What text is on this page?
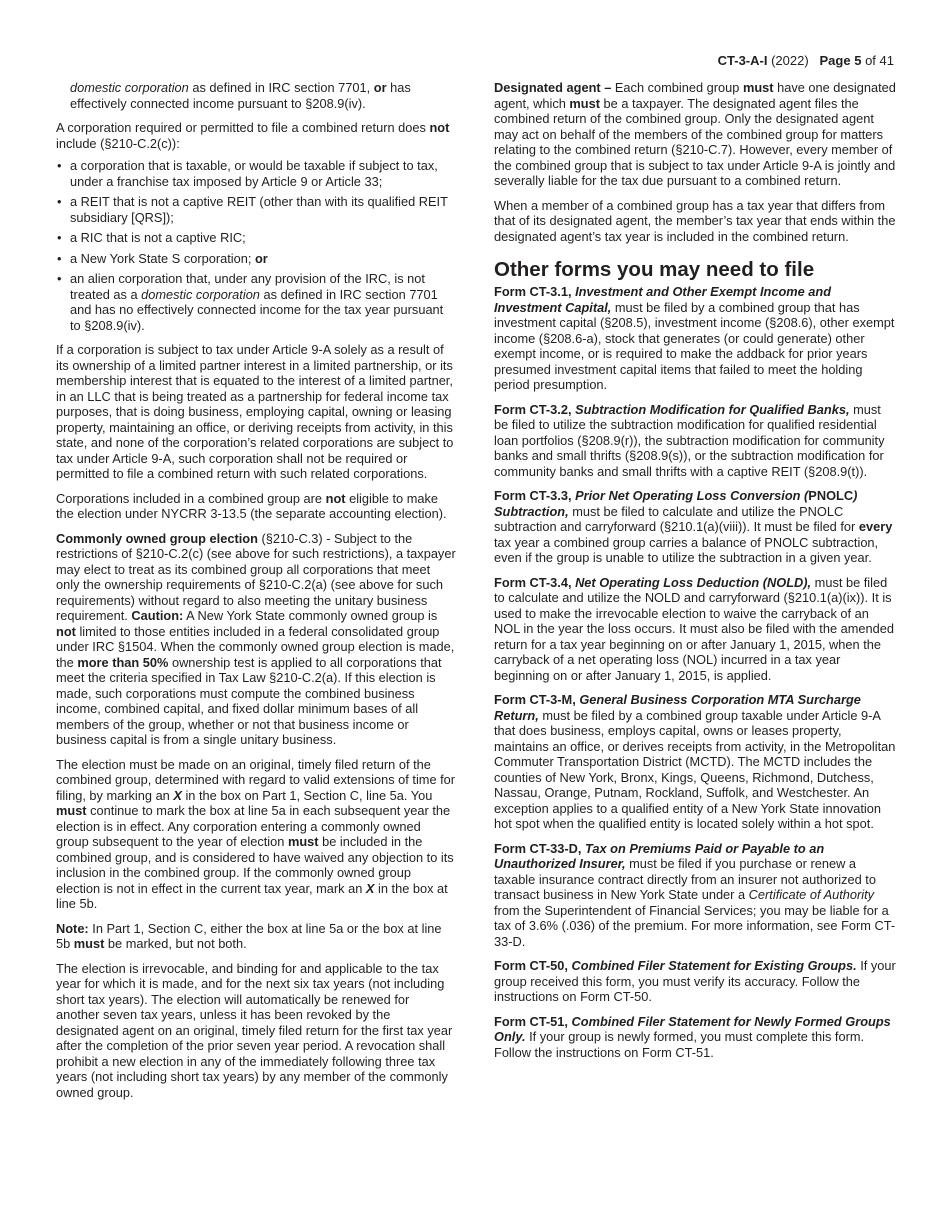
CT-3-A-I (2022) Page 5 of 41

domestic corporation as defined in IRC section 7701, or has effectively connected income pursuant to §208.9(iv).

A corporation required or permitted to file a combined return does not include (§210-C.2(c)):

• a corporation that is taxable, or would be taxable if subject to tax, under a franchise tax imposed by Article 9 or Article 33;
• a REIT that is not a captive REIT (other than with its qualified REIT subsidiary [QRS]);
• a RIC that is not a captive RIC;
• a New York State S corporation; or
• an alien corporation that, under any provision of the IRC, is not treated as a domestic corporation as defined in IRC section 7701 and has no effectively connected income for the tax year pursuant to §208.9(iv).

If a corporation is subject to tax under Article 9-A solely as a result of its ownership of a limited partner interest in a limited partnership, or its membership interest that is equated to the interest of a limited partner, in an LLC that is being treated as a partnership for federal income tax purposes, that is doing business, employing capital, owning or leasing property, maintaining an office, or deriving receipts from activity, in this state, and none of the corporation’s related corporations are subject to tax under Article 9-A, such corporation shall not be required or permitted to file a combined return with such related corporations.

Corporations included in a combined group are not eligible to make the election under NYCRR 3-13.5 (the separate accounting election).

Commonly owned group election (§210-C.3) - Subject to the restrictions of §210-C.2(c) (see above for such restrictions), a taxpayer may elect to treat as its combined group all corporations that meet only the ownership requirements of §210-C.2(a) (see above for such requirements) without regard to also meeting the unitary business requirement. Caution: A New York State commonly owned group is not limited to those entities included in a federal consolidated group under IRC §1504. When the commonly owned group election is made, the more than 50% ownership test is applied to all corporations that meet the criteria specified in Tax Law §210-C.2(a). If this election is made, such corporations must compute the combined business income, combined capital, and fixed dollar minimum bases of all members of the group, whether or not that business income or business capital is from a single unitary business.

The election must be made on an original, timely filed return of the combined group, determined with regard to valid extensions of time for filing, by marking an X in the box on Part 1, Section C, line 5a. You must continue to mark the box at line 5a in each subsequent year the election is in effect. Any corporation entering a commonly owned group subsequent to the year of election must be included in the combined group, and is considered to have waived any objection to its inclusion in the combined group. If the commonly owned group election is not in effect in the current tax year, mark an X in the box at line 5b.

Note: In Part 1, Section C, either the box at line 5a or the box at line 5b must be marked, but not both.

The election is irrevocable, and binding for and applicable to the tax year for which it is made, and for the next six tax years (not including short tax years). The election will automatically be renewed for another seven tax years, unless it has been revoked by the designated agent on an original, timely filed return for the first tax year after the completion of the prior seven year period. A revocation shall prohibit a new election in any of the immediately following three tax years (not including short tax years) by any member of the commonly owned group.

Designated agent – Each combined group must have one designated agent, which must be a taxpayer. The designated agent files the combined return of the combined group. Only the designated agent may act on behalf of the members of the combined group for matters relating to the combined return (§210-C.7). However, every member of the combined group that is subject to tax under Article 9-A is jointly and severally liable for the tax due pursuant to a combined return.

When a member of a combined group has a tax year that differs from that of its designated agent, the member’s tax year that ends within the designated agent’s tax year is included in the combined return.

Other forms you may need to file

Form CT-3.1, Investment and Other Exempt Income and Investment Capital, must be filed by a combined group that has investment capital (§208.5), investment income (§208.6), other exempt income (§208.6-a), stock that generates (or could generate) other exempt income, or is required to make the addback for prior years presumed investment capital items that failed to meet the holding period presumption.

Form CT-3.2, Subtraction Modification for Qualified Banks, must be filed to utilize the subtraction modification for qualified residential loan portfolios (§208.9(r)), the subtraction modification for community banks and small thrifts (§208.9(s)), or the subtraction modification for community banks and small thrifts with a captive REIT (§208.9(t)).

Form CT-3.3, Prior Net Operating Loss Conversion (PNOLC) Subtraction, must be filed to calculate and utilize the PNOLC subtraction and carryforward (§210.1(a)(viii)). It must be filed for every tax year a combined group carries a balance of PNOLC subtraction, even if the group is unable to utilize the subtraction in a given year.

Form CT-3.4, Net Operating Loss Deduction (NOLD), must be filed to calculate and utilize the NOLD and carryforward (§210.1(a)(ix)). It is used to make the irrevocable election to waive the carryback of an NOL in the year the loss occurs. It must also be filed with the amended return for a tax year beginning on or after January 1, 2015, when the carryback of a net operating loss (NOL) incurred in a tax year beginning on or after January 1, 2015, is applied.

Form CT-3-M, General Business Corporation MTA Surcharge Return, must be filed by a combined group taxable under Article 9-A that does business, employs capital, owns or leases property, maintains an office, or derives receipts from activity, in the Metropolitan Commuter Transportation District (MCTD). The MCTD includes the counties of New York, Bronx, Kings, Queens, Richmond, Dutchess, Nassau, Orange, Putnam, Rockland, Suffolk, and Westchester. An exception applies to a qualified entity of a New York State innovation hot spot when the qualified entity is located solely within a hot spot.

Form CT-33-D, Tax on Premiums Paid or Payable to an Unauthorized Insurer, must be filed if you purchase or renew a taxable insurance contract directly from an insurer not authorized to transact business in New York State under a Certificate of Authority from the Superintendent of Financial Services; you may be liable for a tax of 3.6% (.036) of the premium. For more information, see Form CT-33-D.

Form CT-50, Combined Filer Statement for Existing Groups. If your group received this form, you must verify its accuracy. Follow the instructions on Form CT-50.

Form CT-51, Combined Filer Statement for Newly Formed Groups Only. If your group is newly formed, you must complete this form. Follow the instructions on Form CT-51.
